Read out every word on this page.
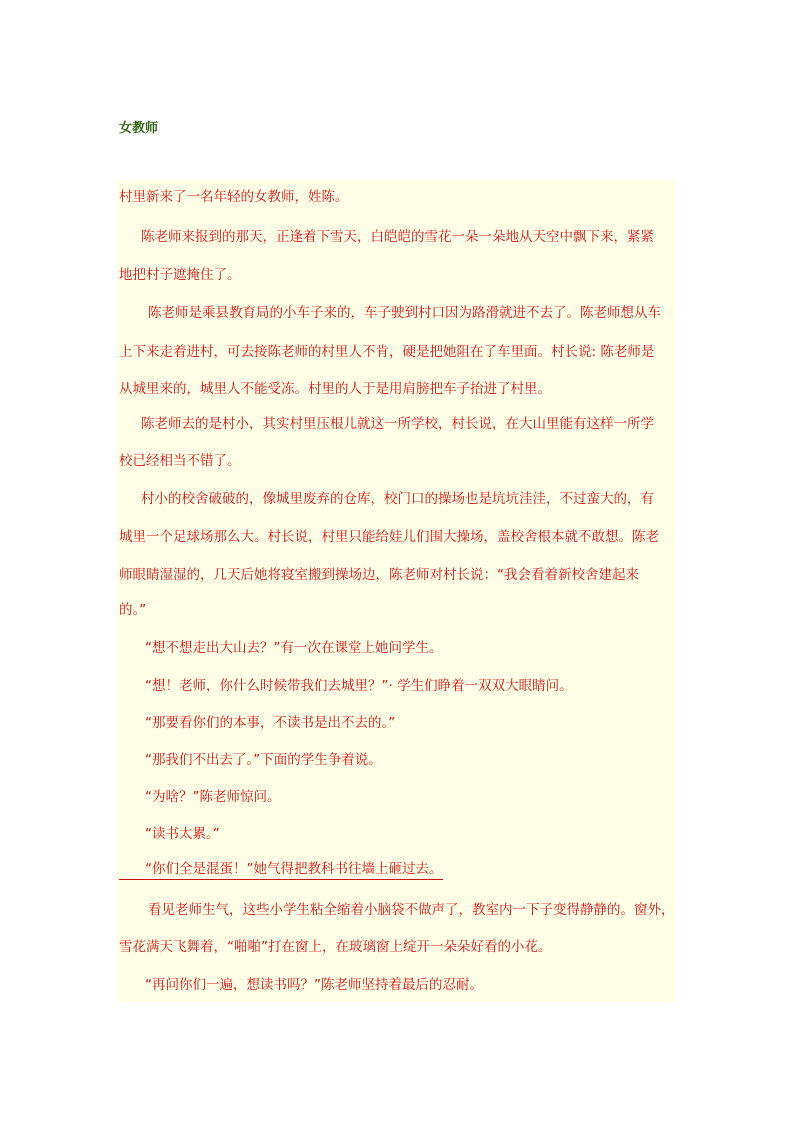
女教师
村里新来了一名年轻的女教师，姓陈。
陈老师来报到的那天，正逢着下雪天，白皑皑的雪花一朵一朵地从天空中飘下来，紧紧
地把村子遮掩住了。
陈老师是乘县教育局的小车子来的，车子驶到村口因为路滑就进不去了。陈老师想从车
上下来走着进村，可去接陈老师的村里人不肯，硬是把她阻在了车里面。村长说: 陈老师是
从城里来的，城里人不能受冻。村里的人于是用肩膀把车子抬进了村里。
陈老师去的是村小，其实村里压根儿就这一所学校，村长说，在大山里能有这样一所学
校已经相当不错了。
村小的校舍破破的，像城里废弃的仓库，校门口的操场也是坑坑洼洼，不过蛮大的，有
城里一个足球场那么大。村长说，村里只能给娃儿们围大操场，盖校舍根本就不敢想。陈老
师眼睛湿湿的，几天后她将寝室搬到操场边，陈老师对村长说：“我会看着新校舍建起来
的。”
“想不想走出大山去？”有一次在课堂上她问学生。
“想！老师，你什么时候带我们去城里？”· 学生们睁着一双双大眼睛问。
“那要看你们的本事，不读书是出不去的。”
“那我们不出去了。”下面的学生争着说。
“为啥？”陈老师惊问。
“读书太累。”
“你们全是混蛋！”她气得把教科书往墙上砸过去。
看见老师生气，这些小学生粘全缩着小脑袋不做声了，教室内一下子变得静静的。窗外，
雪花满天飞舞着，“啪啪”打在窗上，在玻璃窗上绽开一朵朵好看的小花。
“再问你们一遍，想读书吗？”陈老师坚持着最后的忍耐。
